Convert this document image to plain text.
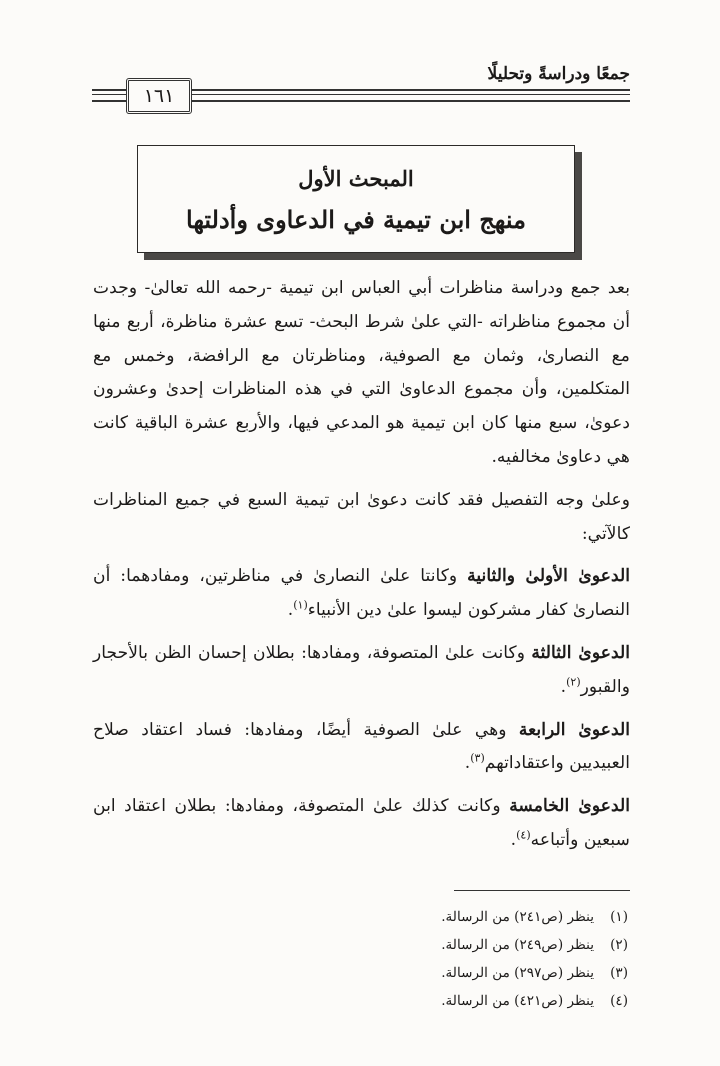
جمعًا ودراسةً وتحليلًا
١٦١
المبحث الأول
منهج ابن تيمية في الدعاوى وأدلتها

بعد جمع ودراسة مناظرات أبي العباس ابن تيمية -رحمه الله تعالىٰ- وجدت أن مجموع مناظراته -التي علىٰ شرط البحث- تسع عشرة مناظرة، أربع منها مع النصارىٰ، وثمان مع الصوفية، ومناظرتان مع الرافضة، وخمس مع المتكلمين، وأن مجموع الدعاوىٰ التي في هذه المناظرات إحدىٰ وعشرون دعوىٰ، سبع منها كان ابن تيمية هو المدعي فيها، والأربع عشرة الباقية كانت هي دعاوىٰ مخالفيه.

وعلىٰ وجه التفصيل فقد كانت دعوىٰ ابن تيمية السبع في جميع المناظرات كالآتي:

الدعوىٰ الأولىٰ والثانية وكانتا علىٰ النصارىٰ في مناظرتين، ومفادهما: أن النصارىٰ كفار مشركون ليسوا علىٰ دين الأنبياء$^{(١)}$.

الدعوىٰ الثالثة وكانت علىٰ المتصوفة، ومفادها: بطلان إحسان الظن بالأحجار والقبور$^{(٢)}$.

الدعوىٰ الرابعة وهي علىٰ الصوفية أيضًا، ومفادها: فساد اعتقاد صلاح العبيديين واعتقاداتهم$^{(٣)}$.

الدعوىٰ الخامسة وكانت كذلك علىٰ المتصوفة، ومفادها: بطلان اعتقاد ابن سبعين وأتباعه$^{(٤)}$.

(١)
ينظر (ص٢٤١) من الرسالة.
(٢)
ينظر (ص٢٤٩) من الرسالة.
(٣)
ينظر (ص٢٩٧) من الرسالة.
(٤)
ينظر (ص٤٢١) من الرسالة.
